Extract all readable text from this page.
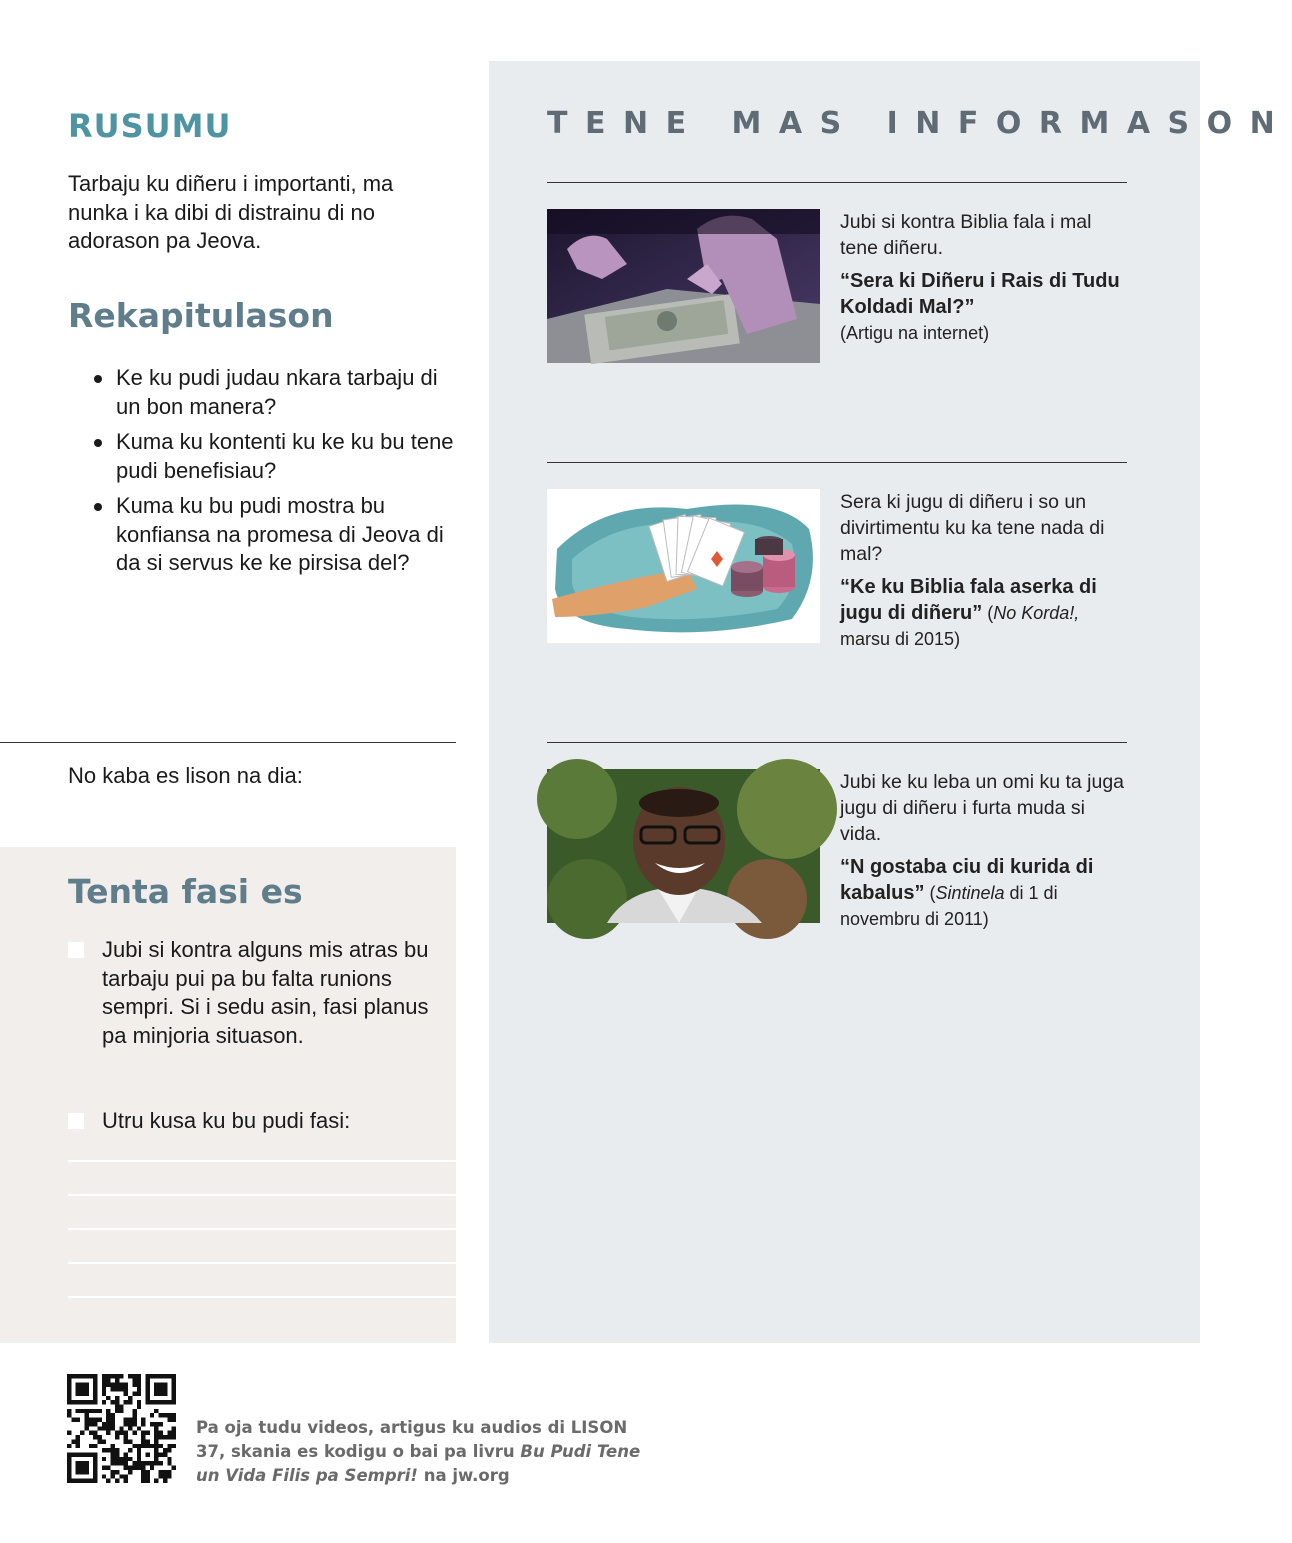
RUSUMU

Tarbaju ku diñeru i importanti, ma nunka i ka dibi di distrainu di no adorason pa Jeova.

Rekapitulason
Ke ku pudi judau nkara tarbaju di un bon manera?
Kuma ku kontenti ku ke ku bu tene pudi benefisiau?
Kuma ku bu pudi mostra bu konfiansa na promesa di Jeova di da si servus ke ke pirsisa del?

No kaba es lison na dia:

Tenta fasi es

Jubi si kontra alguns mis atras bu tarbaju pui pa bu falta runions sempri. Si i sedu asin, fasi planus pa minjoria situason.

Utru kusa ku bu pudi fasi:

TENE MAS INFORMASON

Jubi si kontra Biblia fala i mal tene diñeru.

“Sera ki Diñeru i Rais di Tudu Koldadi Mal?”

(Artigu na internet)

Sera ki jugu di diñeru i so un divirtimentu ku ka tene nada di mal?

“Ke ku Biblia fala aserka di jugu di diñeru” (No Korda!, marsu di 2015)

Jubi ke ku leba un omi ku ta juga jugu di diñeru i furta muda si vida.

“N gostaba ciu di kurida di kabalus” (Sintinela di 1 di novembru di 2011)

Pa oja tudu videos, artigus ku audios di LISON 37, skania es kodigu o bai pa livru Bu Pudi Tene un Vida Filis pa Sempri! na jw.org
